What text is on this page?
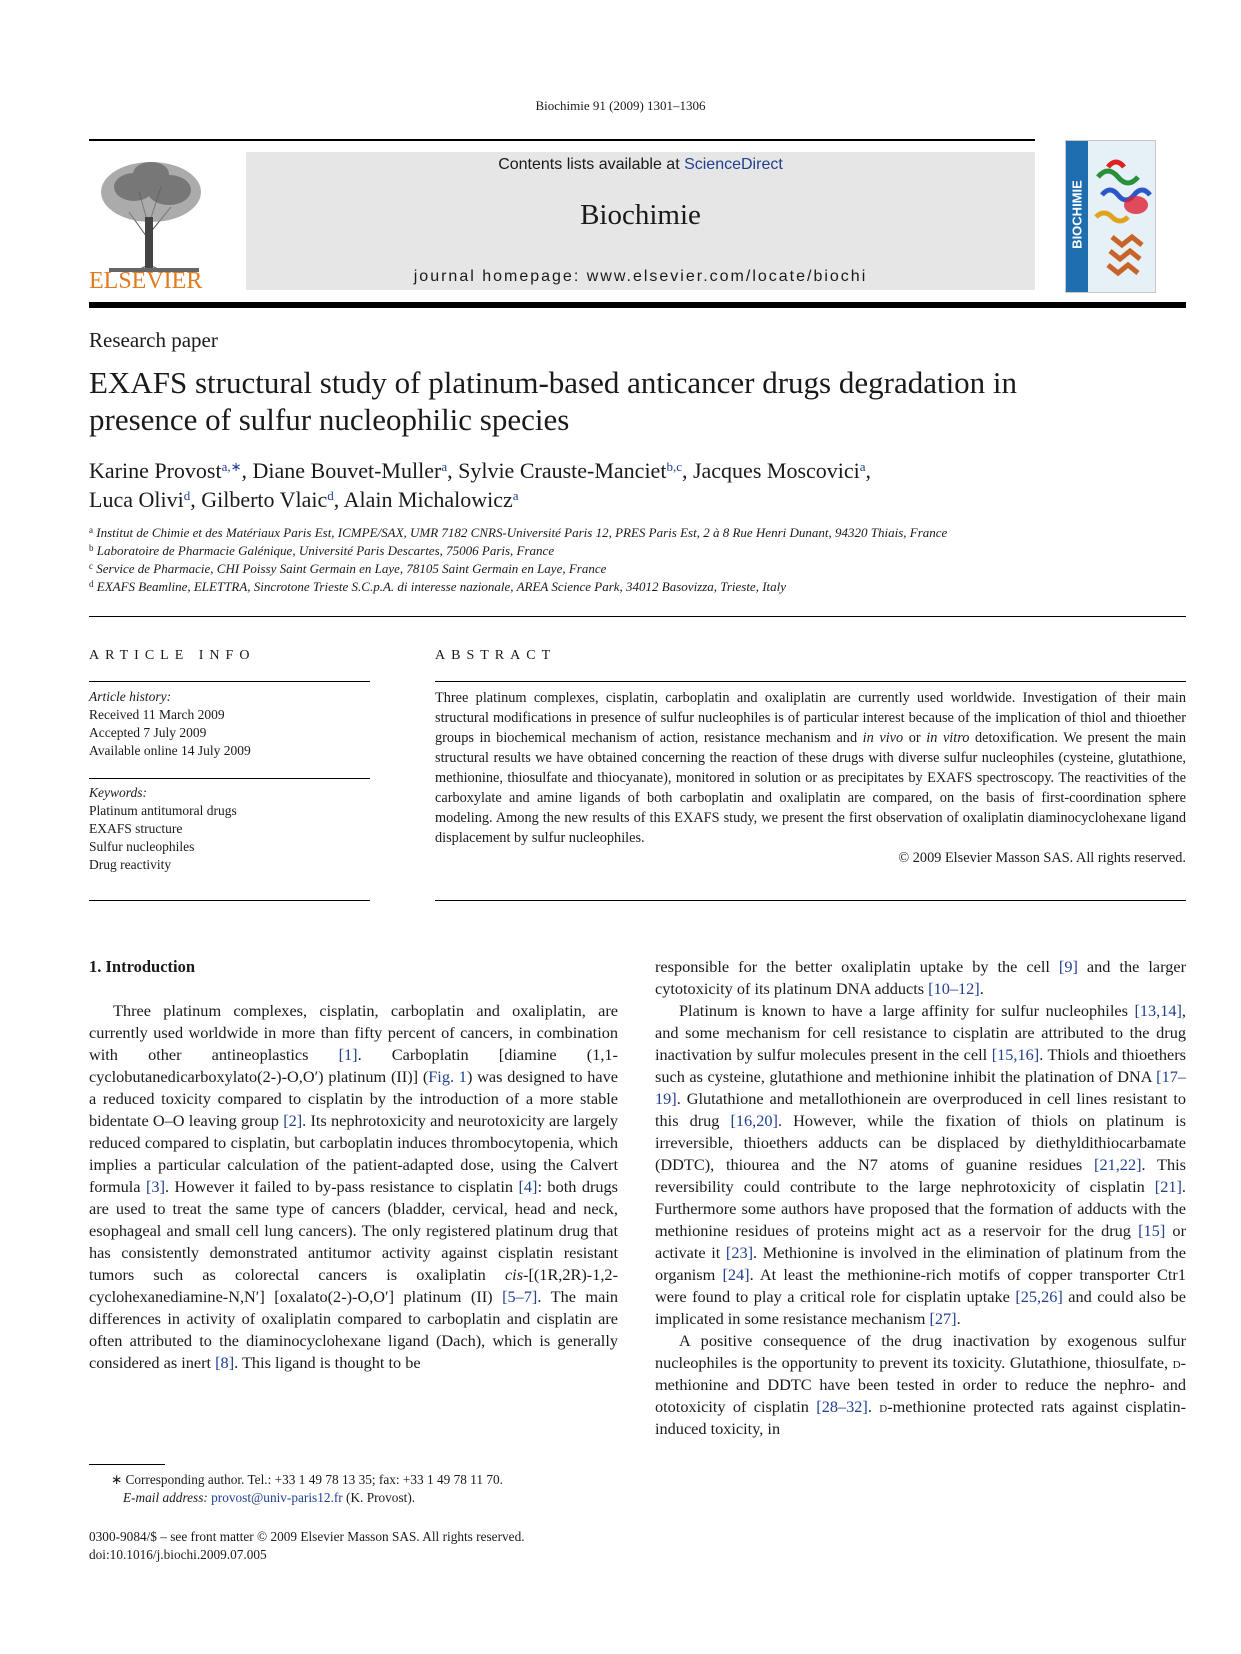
Biochimie 91 (2009) 1301–1306
ELSEVIER
Contents lists available at ScienceDirect
Biochimie
journal homepage: www.elsevier.com/locate/biochi
BIOCHIMIE
Research paper
EXAFS structural study of platinum-based anticancer drugs degradation in presence of sulfur nucleophilic species
Karine Provost$^{a,∗}$, Diane Bouvet-Muller$^a$, Sylvie Crauste-Manciet$^{b,c}$, Jacques Moscovici$^a$,
Luca Olivi$^d$, Gilberto Vlaic$^d$, Alain Michalowicz$^a$
$^a$ Institut de Chimie et des Matériaux Paris Est, ICMPE/SAX, UMR 7182 CNRS-Université Paris 12, PRES Paris Est, 2 à 8 Rue Henri Dunant, 94320 Thiais, France
$^b$ Laboratoire de Pharmacie Galénique, Université Paris Descartes, 75006 Paris, France
$^c$ Service de Pharmacie, CHI Poissy Saint Germain en Laye, 78105 Saint Germain en Laye, France
$^d$ EXAFS Beamline, ELETTRA, Sincrotone Trieste S.C.p.A. di interesse nazionale, AREA Science Park, 34012 Basovizza, Trieste, Italy
ARTICLE INFO	ABSTRACT
Article history:
Received 11 March 2009
Accepted 7 July 2009
Available online 14 July 2009
Keywords:
Platinum antitumoral drugs
EXAFS structure
Sulfur nucleophiles
Drug reactivity
Three platinum complexes, cisplatin, carboplatin and oxaliplatin are currently used worldwide. Investigation of their main structural modifications in presence of sulfur nucleophiles is of particular interest because of the implication of thiol and thioether groups in biochemical mechanism of action, resistance mechanism and in vivo or in vitro detoxification. We present the main structural results we have obtained concerning the reaction of these drugs with diverse sulfur nucleophiles (cysteine, glutathione, methionine, thiosulfate and thiocyanate), monitored in solution or as precipitates by EXAFS spectroscopy. The reactivities of the carboxylate and amine ligands of both carboplatin and oxaliplatin are compared, on the basis of first-coordination sphere modeling. Among the new results of this EXAFS study, we present the first observation of oxaliplatin diaminocyclohexane ligand displacement by sulfur nucleophiles.
© 2009 Elsevier Masson SAS. All rights reserved.
1. Introduction

Three platinum complexes, cisplatin, carboplatin and oxaliplatin, are currently used worldwide in more than fifty percent of cancers, in combination with other antineoplastics [1]. Carboplatin [diamine (1,1-cyclobutanedicarboxylato(2-)-O,O′) platinum (II)] (Fig. 1) was designed to have a reduced toxicity compared to cisplatin by the introduction of a more stable bidentate O–O leaving group [2]. Its nephrotoxicity and neurotoxicity are largely reduced compared to cisplatin, but carboplatin induces thrombocytopenia, which implies a particular calculation of the patient-adapted dose, using the Calvert formula [3]. However it failed to by-pass resistance to cisplatin [4]: both drugs are used to treat the same type of cancers (bladder, cervical, head and neck, esophageal and small cell lung cancers). The only registered platinum drug that has consistently demonstrated antitumor activity against cisplatin resistant tumors such as colorectal cancers is oxaliplatin cis-[(1R,2R)-1,2-cyclohexanediamine-N,N′] [oxalato(2-)-O,O′] platinum (II) [5–7]. The main differences in activity of oxaliplatin compared to carboplatin and cisplatin are often attributed to the diaminocyclohexane ligand (Dach), which is generally considered as inert [8]. This ligand is thought to be

responsible for the better oxaliplatin uptake by the cell [9] and the larger cytotoxicity of its platinum DNA adducts [10–12].

Platinum is known to have a large affinity for sulfur nucleophiles [13,14], and some mechanism for cell resistance to cisplatin are attributed to the drug inactivation by sulfur molecules present in the cell [15,16]. Thiols and thioethers such as cysteine, glutathione and methionine inhibit the platination of DNA [17–19]. Glutathione and metallothionein are overproduced in cell lines resistant to this drug [16,20]. However, while the fixation of thiols on platinum is irreversible, thioethers adducts can be displaced by diethyldithiocarbamate (DDTC), thiourea and the N7 atoms of guanine residues [21,22]. This reversibility could contribute to the large nephrotoxicity of cisplatin [21]. Furthermore some authors have proposed that the formation of adducts with the methionine residues of proteins might act as a reservoir for the drug [15] or activate it [23]. Methionine is involved in the elimination of platinum from the organism [24]. At least the methionine-rich motifs of copper transporter Ctr1 were found to play a critical role for cisplatin uptake [25,26] and could also be implicated in some resistance mechanism [27].

A positive consequence of the drug inactivation by exogenous sulfur nucleophiles is the opportunity to prevent its toxicity. Glutathione, thiosulfate, d-methionine and DDTC have been tested in order to reduce the nephro- and ototoxicity of cisplatin [28–32]. d-methionine protected rats against cisplatin-induced toxicity, in

∗ Corresponding author. Tel.: +33 1 49 78 13 35; fax: +33 1 49 78 11 70.
E-mail address: provost@univ-paris12.fr (K. Provost).
0300-9084/$ – see front matter © 2009 Elsevier Masson SAS. All rights reserved.
doi:10.1016/j.biochi.2009.07.005
